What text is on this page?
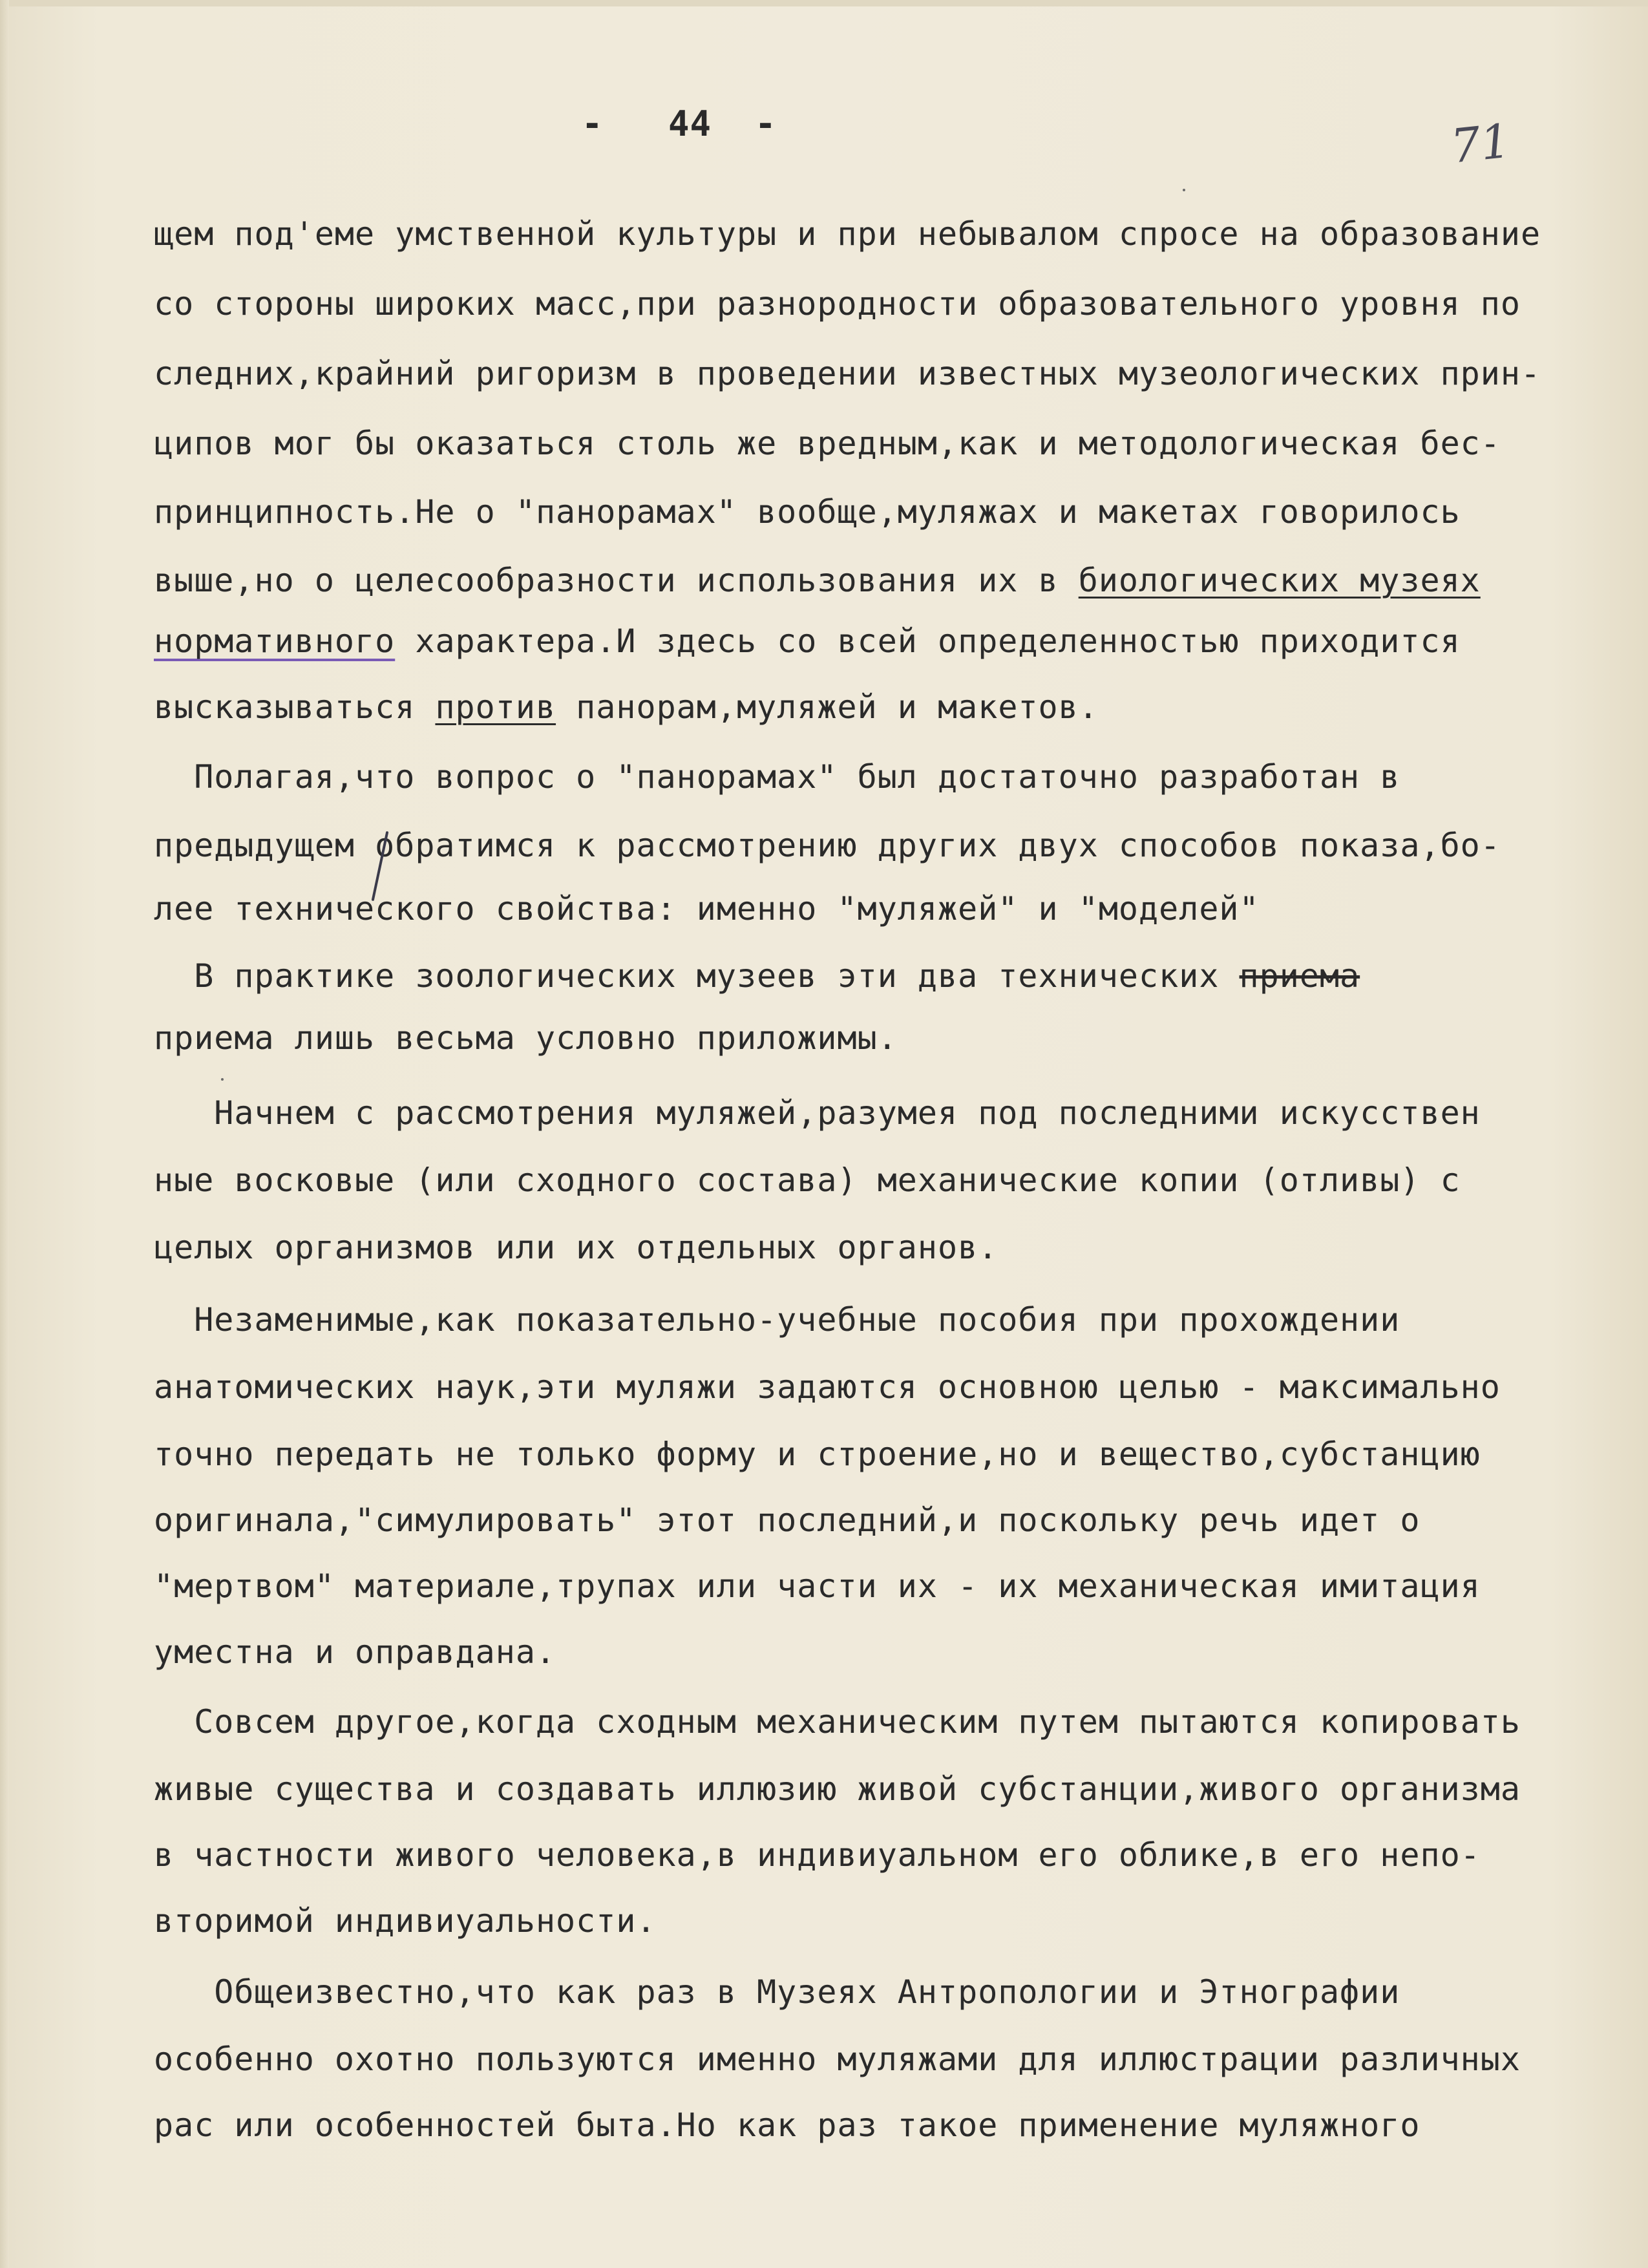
-   44  -	71
щем под'еме умственной культуры и при небывалом спросе на образование
со стороны широких масс,при разнородности образовательного уровня по
следних,крайний ригоризм в проведении известных музеологических прин-
ципов мог бы оказаться столь же вредным,как и методологическая бес-
принципность.Не о "панорамах" вообще,муляжах и макетах говорилось
выше,но о целесообразности использования их в биологических музеях
нормативного характера.И здесь со всей определенностью приходится
высказываться против панорам,муляжей и макетов.
Полагая,что вопрос о "панорамах" был достаточно разработан в
предыдущем обратимся к рассмотрению других двух способов показа,бо-
лее технического свойства: именно "муляжей" и "моделей"
В практике зоологических музеев эти два технических приема
приема лишь весьма условно приложимы.
Начнем с рассмотрения муляжей,разумея под последними искусствен
ные восковые (или сходного состава) механические копии (отливы) с
целых организмов или их отдельных органов.
Незаменимые,как показательно-учебные пособия при прохождении
анатомических наук,эти муляжи задаются основною целью - максимально
точно передать не только форму и строение,но и вещество,субстанцию
оригинала,"симулировать" этот последний,и поскольку речь идет о
"мертвом" материале,трупах или части их - их механическая имитация
уместна и оправдана.
Совсем другое,когда сходным механическим путем пытаются копировать
живые существа и создавать иллюзию живой субстанции,живого организма
в частности живого человека,в индивиуальном его облике,в его непо-
вторимой индивиуальности.
Общеизвестно,что как раз в Музеях Антропологии и Этнографии
особенно охотно пользуются именно муляжами для иллюстрации различных
рас или особенностей быта.Но как раз такое применение муляжного
